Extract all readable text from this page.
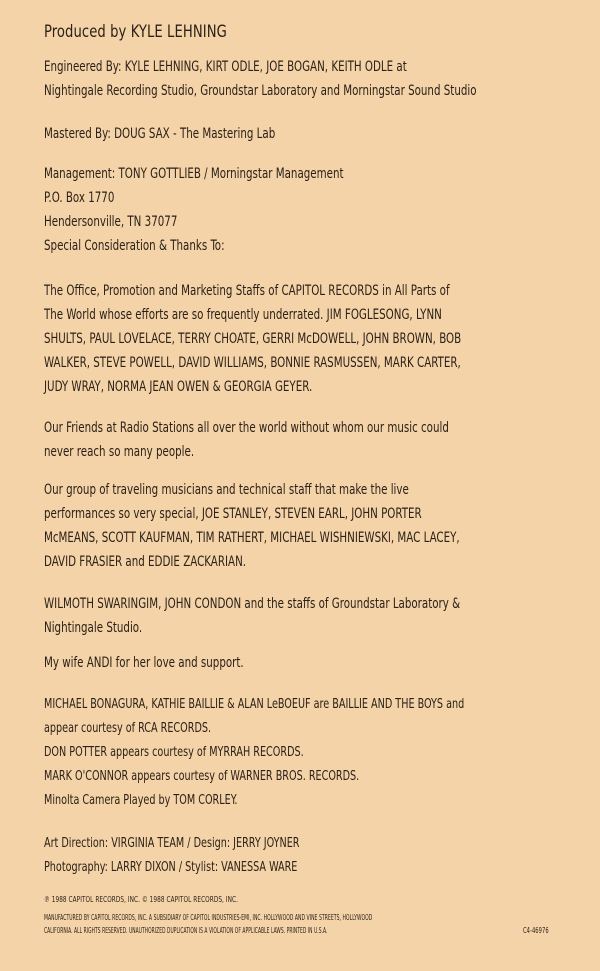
Produced by KYLE LEHNING
Engineered By: KYLE LEHNING, KIRT ODLE, JOE BOGAN, KEITH ODLE at
Nightingale Recording Studio, Groundstar Laboratory and Morningstar Sound Studio
Mastered By: DOUG SAX - The Mastering Lab
Management: TONY GOTTLIEB / Morningstar Management
P.O. Box 1770
Hendersonville, TN 37077
Special Consideration & Thanks To:
The Office, Promotion and Marketing Staffs of CAPITOL RECORDS in All Parts of
The World whose efforts are so frequently underrated. JIM FOGLESONG, LYNN
SHULTS, PAUL LOVELACE, TERRY CHOATE, GERRI McDOWELL, JOHN BROWN, BOB
WALKER, STEVE POWELL, DAVID WILLIAMS, BONNIE RASMUSSEN, MARK CARTER,
JUDY WRAY, NORMA JEAN OWEN & GEORGIA GEYER.
Our Friends at Radio Stations all over the world without whom our music could
never reach so many people.
Our group of traveling musicians and technical staff that make the live
performances so very special, JOE STANLEY, STEVEN EARL, JOHN PORTER
McMEANS, SCOTT KAUFMAN, TIM RATHERT, MICHAEL WISHNIEWSKI, MAC LACEY,
DAVID FRASIER and EDDIE ZACKARIAN.
WILMOTH SWARINGIM, JOHN CONDON and the staffs of Groundstar Laboratory &
Nightingale Studio.
My wife ANDI for her love and support.
MICHAEL BONAGURA, KATHIE BAILLIE & ALAN LeBOEUF are BAILLIE AND THE BOYS and
appear courtesy of RCA RECORDS.
DON POTTER appears courtesy of MYRRAH RECORDS.
MARK O'CONNOR appears courtesy of WARNER BROS. RECORDS.
Minolta Camera Played by TOM CORLEY.
Art Direction: VIRGINIA TEAM / Design: JERRY JOYNER
Photography: LARRY DIXON / Stylist: VANESSA WARE
℗ 1988 CAPITOL RECORDS, INC. © 1988 CAPITOL RECORDS, INC.
MANUFACTURED BY CAPITOL RECORDS, INC. A SUBSIDIARY OF CAPITOL INDUSTRIES-EMI, INC. HOLLYWOOD AND VINE STREETS, HOLLYWOOD
CALIFORNIA. ALL RIGHTS RESERVED. UNAUTHORIZED DUPLICATION IS A VIOLATION OF APPLICABLE LAWS. PRINTED IN U.S.A.	C4-46976
